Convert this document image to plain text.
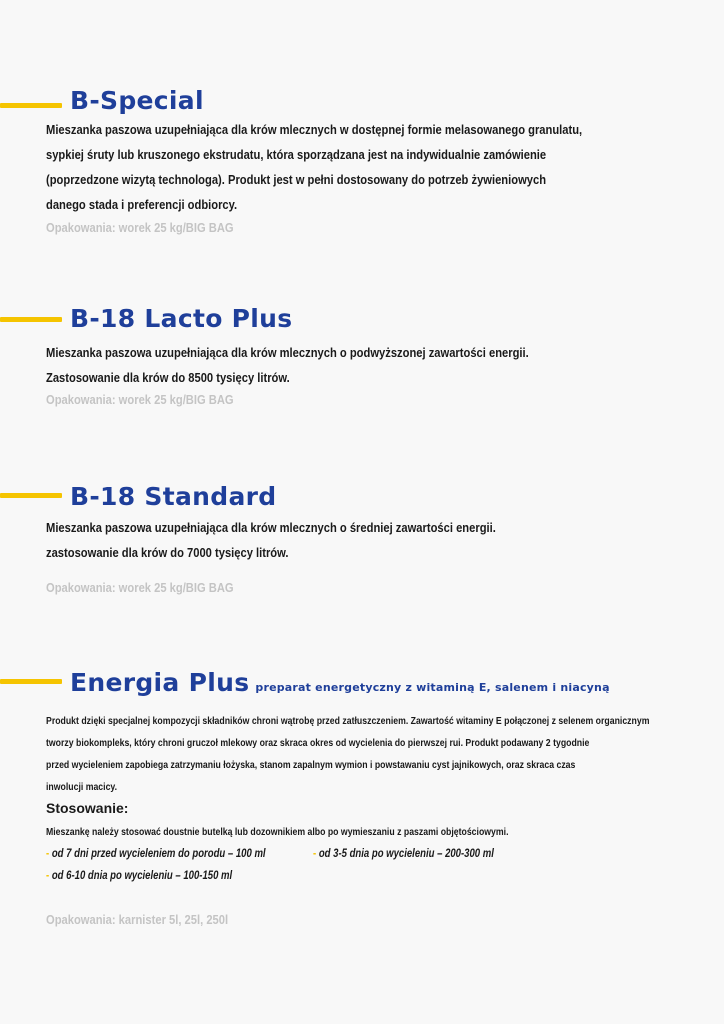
B-Special
Mieszanka paszowa uzupełniająca dla krów mlecznych w dostępnej formie melasowanego granulatu,
sypkiej śruty lub kruszonego ekstrudatu, która sporządzana jest na indywidualnie zamówienie
(poprzedzone wizytą technologa). Produkt jest w pełni dostosowany do potrzeb żywieniowych
danego stada i preferencji odbiorcy.
Opakowania: worek 25 kg/BIG BAG
B-18 Lacto Plus
Mieszanka paszowa uzupełniająca dla krów mlecznych o podwyższonej zawartości energii.
Zastosowanie dla krów do 8500 tysięcy litrów.
Opakowania: worek 25 kg/BIG BAG
B-18 Standard
Mieszanka paszowa uzupełniająca dla krów mlecznych o średniej zawartości energii.
zastosowanie dla krów do 7000 tysięcy litrów.
Opakowania: worek 25 kg/BIG BAG
Energia Plus preparat energetyczny z witaminą E, salenem i niacyną
Produkt dzięki specjalnej kompozycji składników chroni wątrobę przed zatłuszczeniem. Zawartość witaminy E połączonej z selenem organicznym
tworzy biokompleks, który chroni gruczoł mlekowy oraz skraca okres od wycielenia do pierwszej rui. Produkt podawany 2 tygodnie
przed wycieleniem zapobiega zatrzymaniu łożyska, stanom zapalnym wymion i powstawaniu cyst jajnikowych, oraz skraca czas
inwolucji macicy.
Stosowanie:
Mieszankę należy stosować doustnie butelką lub dozownikiem albo po wymieszaniu z paszami objętościowymi.
- od 7 dni przed wycieleniem do porodu – 100 ml	- od 3-5 dnia po wycieleniu – 200-300 ml - od 6-10 dnia po wycieleniu – 100-150 ml
Opakowania: karnister 5l, 25l, 250l
